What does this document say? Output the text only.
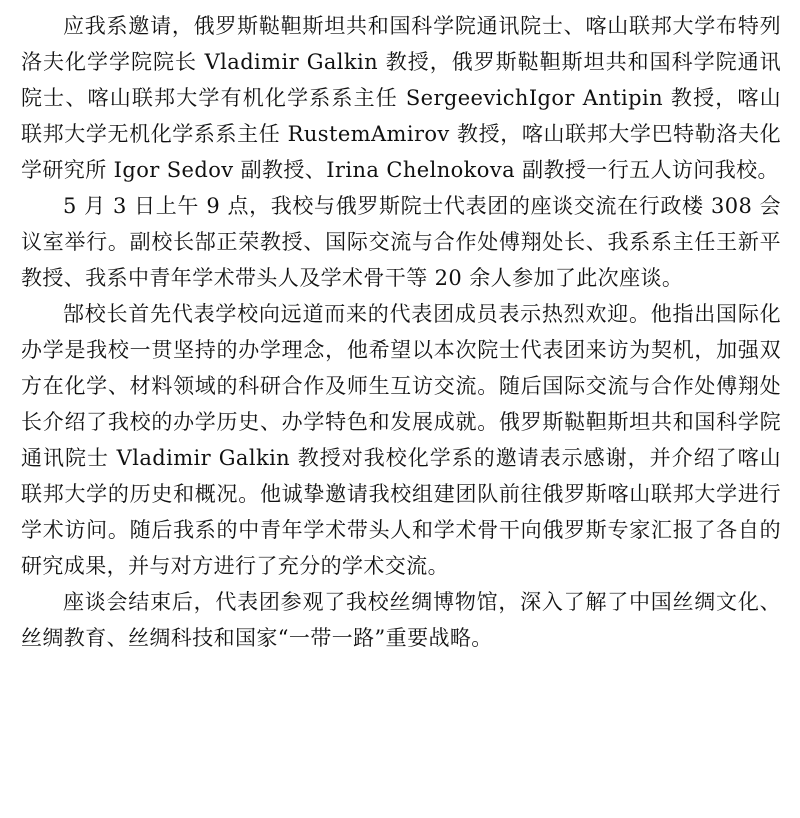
应我系邀请，俄罗斯鞑靼斯坦共和国科学院通讯院士、喀山联邦大学布特列洛夫化学学院院长 Vladimir Galkin 教授，俄罗斯鞑靼斯坦共和国科学院通讯院士、喀山联邦大学有机化学系系主任 SergeevichIgor Antipin 教授，喀山联邦大学无机化学系系主任 RustemAmirov 教授，喀山联邦大学巴特勒洛夫化学研究所 Igor Sedov 副教授、Irina Chelnokova 副教授一行五人访问我校。

5 月 3 日上午 9 点，我校与俄罗斯院士代表团的座谈交流在行政楼 308 会议室举行。副校长郜正荣教授、国际交流与合作处傅翔处长、我系系主任王新平教授、我系中青年学术带头人及学术骨干等 20 余人参加了此次座谈。

郜校长首先代表学校向远道而来的代表团成员表示热烈欢迎。他指出国际化办学是我校一贯坚持的办学理念，他希望以本次院士代表团来访为契机，加强双方在化学、材料领域的科研合作及师生互访交流。随后国际交流与合作处傅翔处长介绍了我校的办学历史、办学特色和发展成就。俄罗斯鞑靼斯坦共和国科学院通讯院士 Vladimir Galkin 教授对我校化学系的邀请表示感谢，并介绍了喀山联邦大学的历史和概况。他诚挚邀请我校组建团队前往俄罗斯喀山联邦大学进行学术访问。随后我系的中青年学术带头人和学术骨干向俄罗斯专家汇报了各自的研究成果，并与对方进行了充分的学术交流。

座谈会结束后，代表团参观了我校丝绸博物馆，深入了解了中国丝绸文化、丝绸教育、丝绸科技和国家“一带一路”重要战略。
